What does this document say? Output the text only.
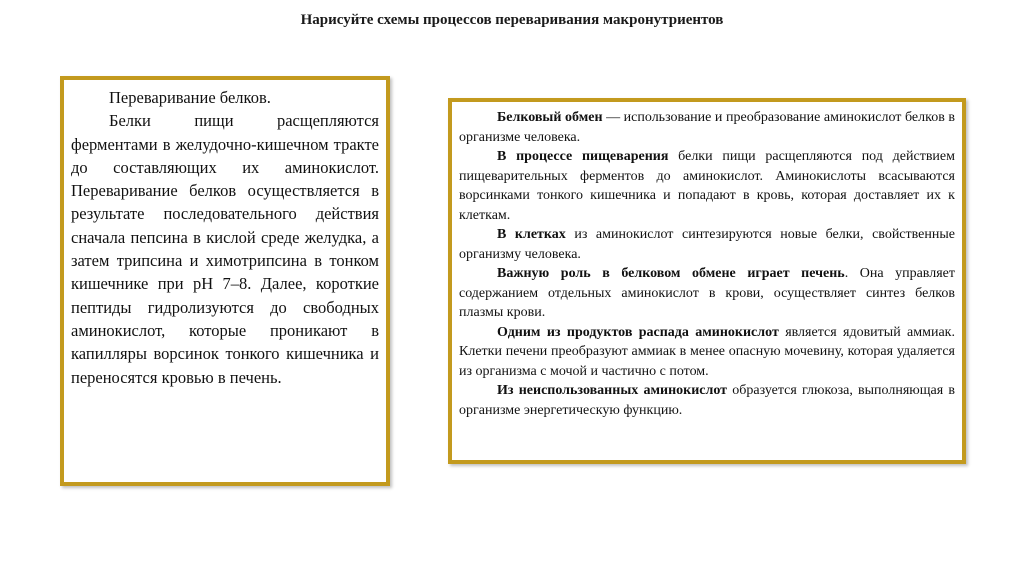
Нарисуйте схемы процессов переваривания макронутриентов

Переваривание белков.

Белки пищи расщепляются ферментами в желудочно-кишечном тракте до составляющих их аминокислот. Переваривание белков осуществляется в результате последовательного действия сначала пепсина в кислой среде желудка, а затем трипсина и химотрипсина в тонком кишечнике при pH 7–8. Далее, короткие пептиды гидролизуются до свободных аминокислот, которые проникают в капилляры ворсинок тонкого кишечника и переносятся кровью в печень.

Белковый обмен — использование и преобразование аминокислот белков в организме человека.

В процессе пищеварения белки пищи расщепляются под действием пищеварительных ферментов до аминокислот. Аминокислоты всасываются ворсинками тонкого кишечника и попадают в кровь, которая доставляет их к клеткам.

В клетках из аминокислот синтезируются новые белки, свойственные организму человека.

Важную роль в белковом обмене играет печень. Она управляет содержанием отдельных аминокислот в крови, осуществляет синтез белков плазмы крови.

Одним из продуктов распада аминокислот является ядовитый аммиак. Клетки печени преобразуют аммиак в менее опасную мочевину, которая удаляется из организма с мочой и частично с потом.

Из неиспользованных аминокислот образуется глюкоза, выполняющая в организме энергетическую функцию.
